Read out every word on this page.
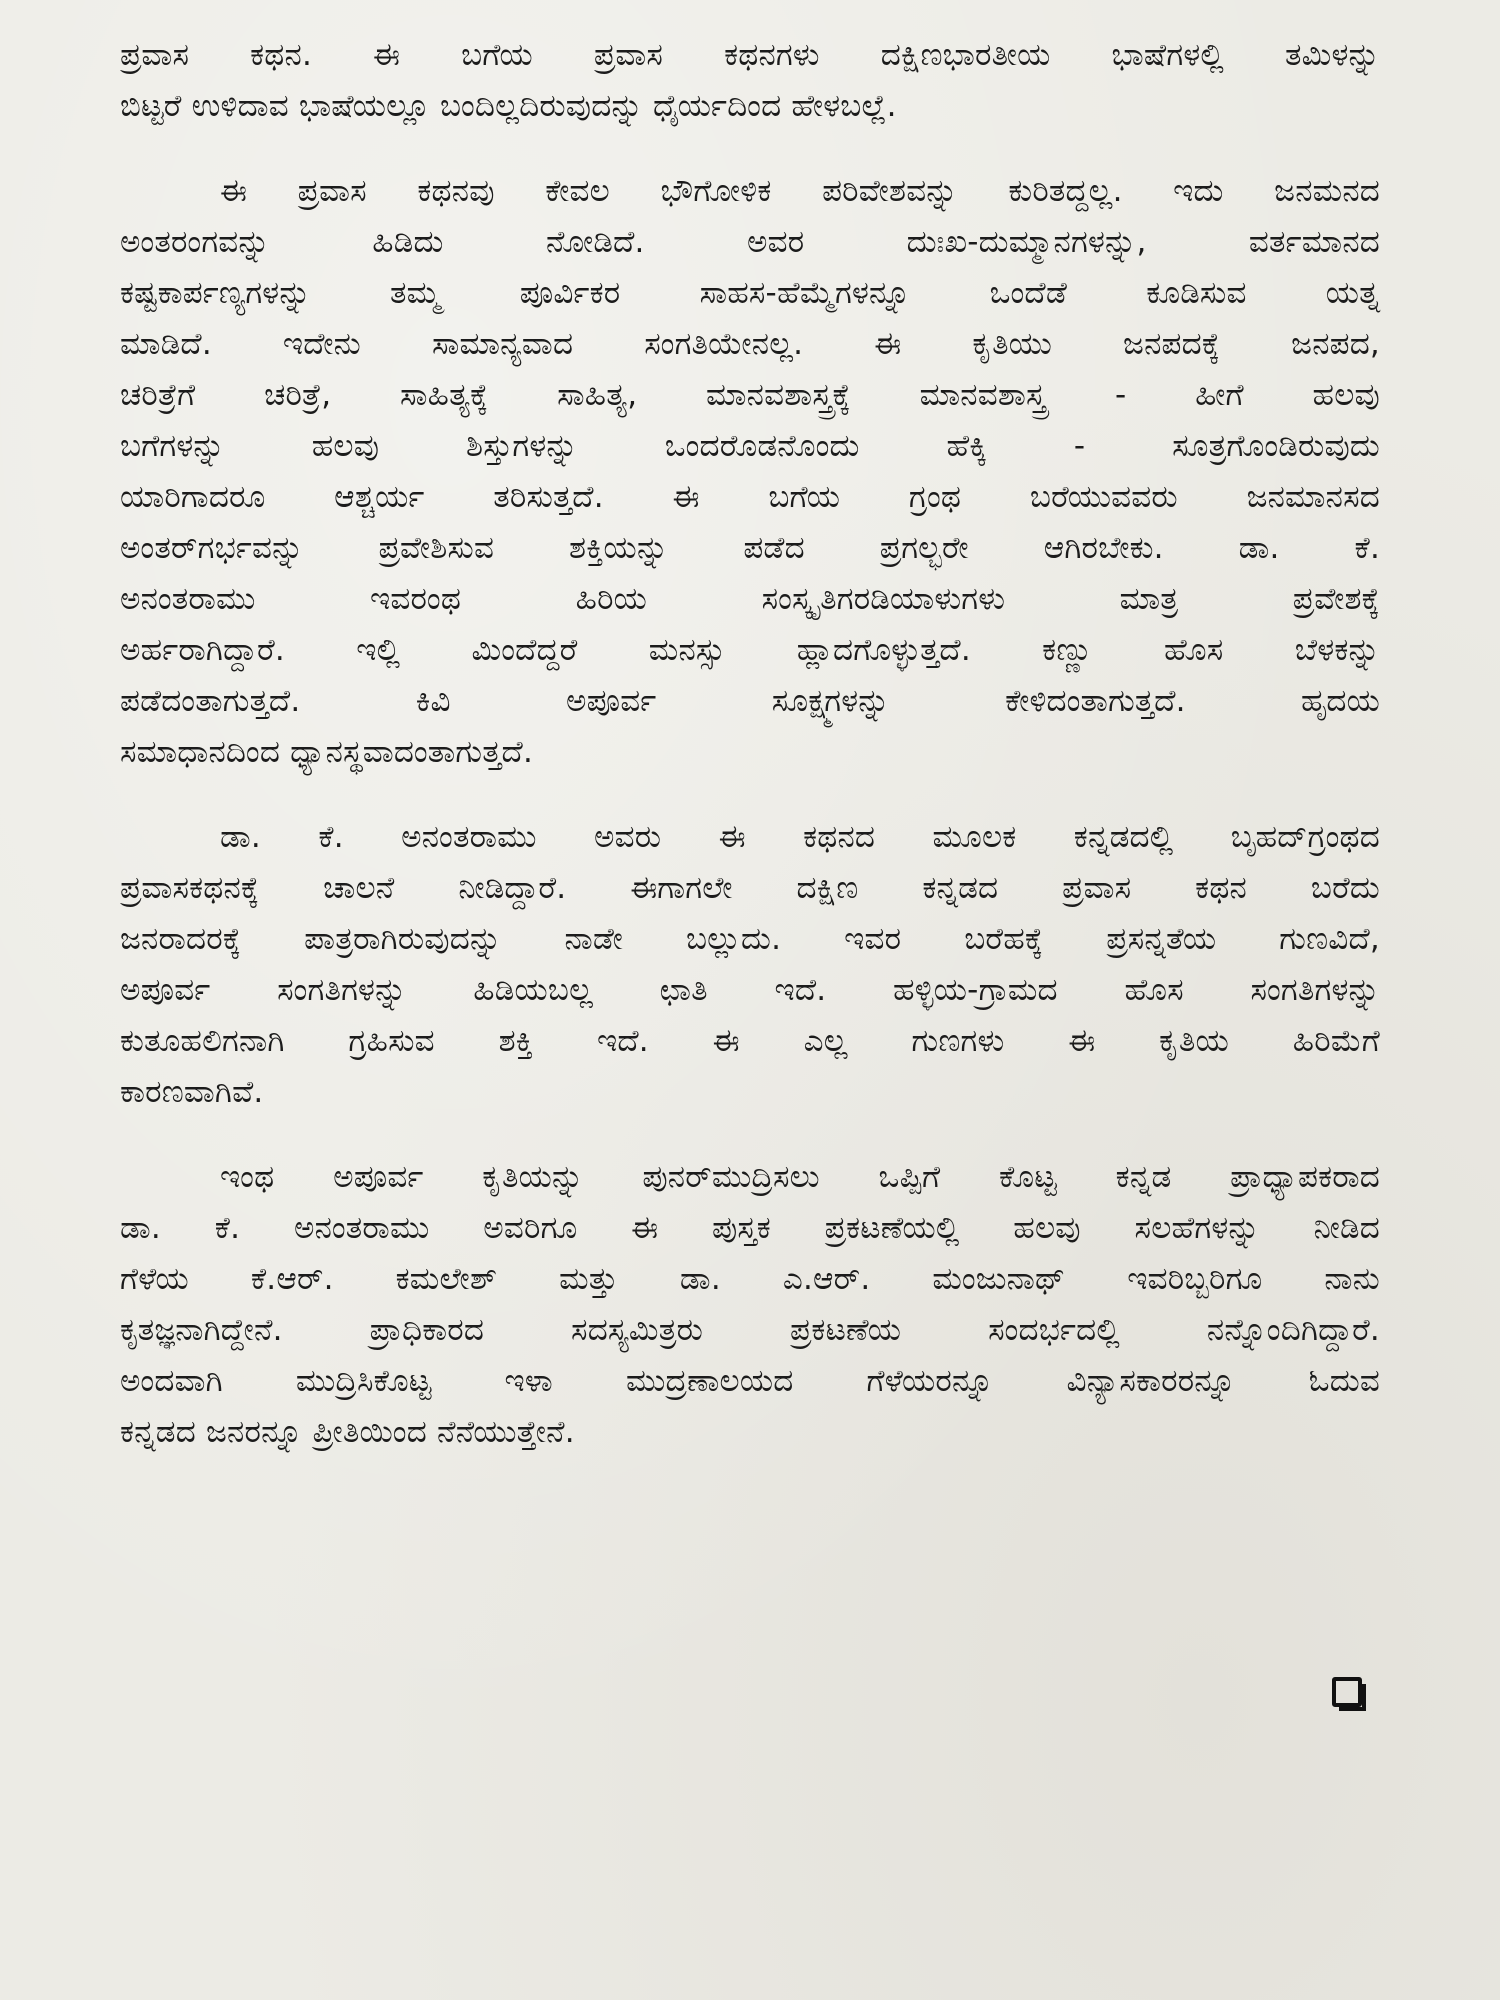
ಪ್ರವಾಸ ಕಥನ. ಈ ಬಗೆಯ ಪ್ರವಾಸ ಕಥನಗಳು ದಕ್ಷಿಣಭಾರತೀಯ ಭಾಷೆಗಳಲ್ಲಿ ತಮಿಳನ್ನು
ಬಿಟ್ಟರೆ ಉಳಿದಾವ ಭಾಷೆಯಲ್ಲೂ ಬಂದಿಲ್ಲದಿರುವುದನ್ನು ಧೈರ್ಯದಿಂದ ಹೇಳಬಲ್ಲೆ.

ಈ ಪ್ರವಾಸ ಕಥನವು ಕೇವಲ ಭೌಗೋಳಿಕ ಪರಿವೇಶವನ್ನು ಕುರಿತದ್ದಲ್ಲ. ಇದು ಜನಮನದ
ಅಂತರಂಗವನ್ನು ಹಿಡಿದು ನೋಡಿದೆ. ಅವರ ದುಃಖ-ದುಮ್ಮಾನಗಳನ್ನು, ವರ್ತಮಾನದ
ಕಷ್ಟಕಾರ್ಪಣ್ಯಗಳನ್ನು ತಮ್ಮ ಪೂರ್ವಿಕರ ಸಾಹಸ-ಹೆಮ್ಮೆಗಳನ್ನೂ ಒಂದೆಡೆ ಕೂಡಿಸುವ ಯತ್ನ
ಮಾಡಿದೆ. ಇದೇನು ಸಾಮಾನ್ಯವಾದ ಸಂಗತಿಯೇನಲ್ಲ. ಈ ಕೃತಿಯು ಜನಪದಕ್ಕೆ ಜನಪದ,
ಚರಿತ್ರೆಗೆ ಚರಿತ್ರೆ, ಸಾಹಿತ್ಯಕ್ಕೆ ಸಾಹಿತ್ಯ, ಮಾನವಶಾಸ್ತ್ರಕ್ಕೆ ಮಾನವಶಾಸ್ತ್ರ - ಹೀಗೆ ಹಲವು
ಬಗೆಗಳನ್ನು ಹಲವು ಶಿಸ್ತುಗಳನ್ನು ಒಂದರೊಡನೊಂದು ಹೆಕ್ಕಿ - ಸೂತ್ರಗೊಂಡಿರುವುದು
ಯಾರಿಗಾದರೂ ಆಶ್ಚರ್ಯ ತರಿಸುತ್ತದೆ. ಈ ಬಗೆಯ ಗ್ರಂಥ ಬರೆಯುವವರು ಜನಮಾನಸದ
ಅಂತರ್‌ಗರ್ಭವನ್ನು ಪ್ರವೇಶಿಸುವ ಶಕ್ತಿಯನ್ನು ಪಡೆದ ಪ್ರಗಲ್ಭರೇ ಆಗಿರಬೇಕು. ಡಾ. ಕೆ.
ಅನಂತರಾಮು ಇವರಂಥ ಹಿರಿಯ ಸಂಸ್ಕೃತಿಗರಡಿಯಾಳುಗಳು ಮಾತ್ರ ಪ್ರವೇಶಕ್ಕೆ
ಅರ್ಹರಾಗಿದ್ದಾರೆ. ಇಲ್ಲಿ ಮಿಂದೆದ್ದರೆ ಮನಸ್ಸು ಹ್ಲಾದಗೊಳ್ಳುತ್ತದೆ. ಕಣ್ಣು ಹೊಸ ಬೆಳಕನ್ನು
ಪಡೆದಂತಾಗುತ್ತದೆ. ಕಿವಿ ಅಪೂರ್ವ ಸೂಕ್ಷ್ಮಗಳನ್ನು ಕೇಳಿದಂತಾಗುತ್ತದೆ. ಹೃದಯ
ಸಮಾಧಾನದಿಂದ ಧ್ಯಾನಸ್ಥವಾದಂತಾಗುತ್ತದೆ.

ಡಾ. ಕೆ. ಅನಂತರಾಮು ಅವರು ಈ ಕಥನದ ಮೂಲಕ ಕನ್ನಡದಲ್ಲಿ ಬೃಹದ್‌ಗ್ರಂಥದ
ಪ್ರವಾಸಕಥನಕ್ಕೆ ಚಾಲನೆ ನೀಡಿದ್ದಾರೆ. ಈಗಾಗಲೇ ದಕ್ಷಿಣ ಕನ್ನಡದ ಪ್ರವಾಸ ಕಥನ ಬರೆದು
ಜನರಾದರಕ್ಕೆ ಪಾತ್ರರಾಗಿರುವುದನ್ನು ನಾಡೇ ಬಲ್ಲುದು. ಇವರ ಬರೆಹಕ್ಕೆ ಪ್ರಸನ್ನತೆಯ ಗುಣವಿದೆ,
ಅಪೂರ್ವ ಸಂಗತಿಗಳನ್ನು ಹಿಡಿಯಬಲ್ಲ ಛಾತಿ ಇದೆ. ಹಳ್ಳಿಯ-ಗ್ರಾಮದ ಹೊಸ ಸಂಗತಿಗಳನ್ನು
ಕುತೂಹಲಿಗನಾಗಿ ಗ್ರಹಿಸುವ ಶಕ್ತಿ ಇದೆ. ಈ ಎಲ್ಲ ಗುಣಗಳು ಈ ಕೃತಿಯ ಹಿರಿಮೆಗೆ
ಕಾರಣವಾಗಿವೆ.

ಇಂಥ ಅಪೂರ್ವ ಕೃತಿಯನ್ನು ಪುನರ್‌ಮುದ್ರಿಸಲು ಒಪ್ಪಿಗೆ ಕೊಟ್ಟ ಕನ್ನಡ ಪ್ರಾಧ್ಯಾಪಕರಾದ
ಡಾ. ಕೆ. ಅನಂತರಾಮು ಅವರಿಗೂ ಈ ಪುಸ್ತಕ ಪ್ರಕಟಣೆಯಲ್ಲಿ ಹಲವು ಸಲಹೆಗಳನ್ನು ನೀಡಿದ
ಗೆಳೆಯ ಕೆ.ಆರ್. ಕಮಲೇಶ್ ಮತ್ತು ಡಾ. ಎ.ಆರ್. ಮಂಜುನಾಥ್ ಇವರಿಬ್ಬರಿಗೂ ನಾನು
ಕೃತಜ್ಞನಾಗಿದ್ದೇನೆ. ಪ್ರಾಧಿಕಾರದ ಸದಸ್ಯಮಿತ್ರರು ಪ್ರಕಟಣೆಯ ಸಂದರ್ಭದಲ್ಲಿ ನನ್ನೊಂದಿಗಿದ್ದಾರೆ.
ಅಂದವಾಗಿ ಮುದ್ರಿಸಿಕೊಟ್ಟ ಇಳಾ ಮುದ್ರಣಾಲಯದ ಗೆಳೆಯರನ್ನೂ ವಿನ್ಯಾಸಕಾರರನ್ನೂ ಓದುವ
ಕನ್ನಡದ ಜನರನ್ನೂ ಪ್ರೀತಿಯಿಂದ ನೆನೆಯುತ್ತೇನೆ.
